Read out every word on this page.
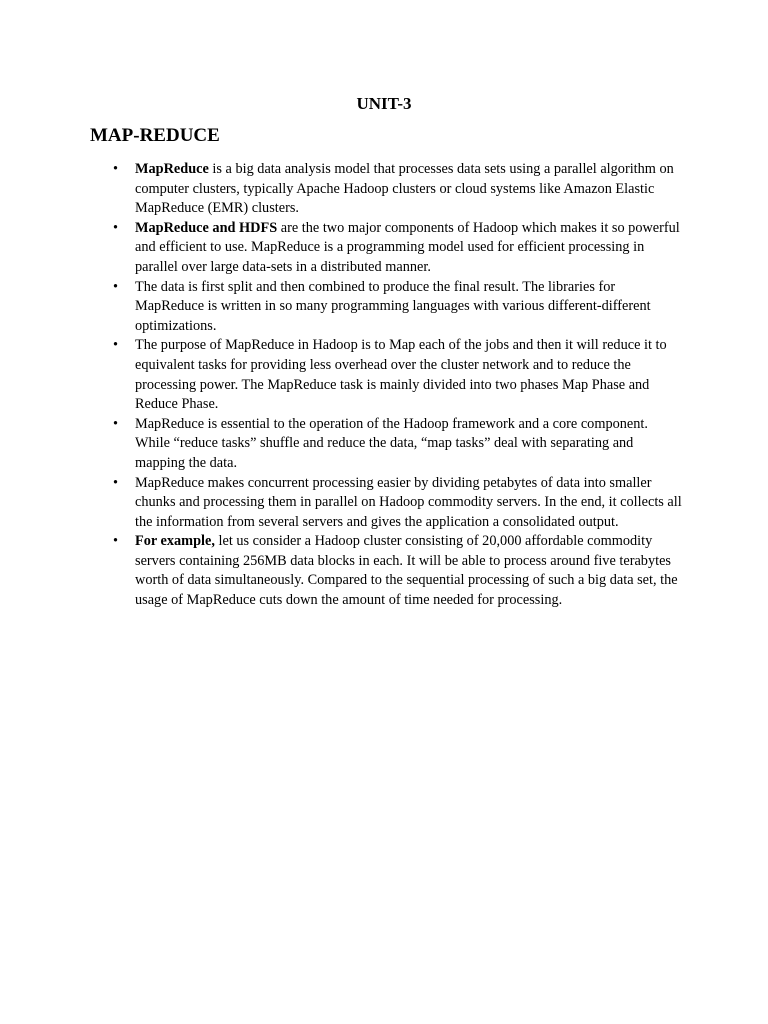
UNIT-3
MAP-REDUCE
• MapReduce is a big data analysis model that processes data sets using a parallel algorithm on computer clusters, typically Apache Hadoop clusters or cloud systems like Amazon Elastic MapReduce (EMR) clusters.
• MapReduce and HDFS are the two major components of Hadoop which makes it so powerful and efficient to use. MapReduce is a programming model used for efficient processing in parallel over large data-sets in a distributed manner.
• The data is first split and then combined to produce the final result. The libraries for MapReduce is written in so many programming languages with various different-different optimizations.
• The purpose of MapReduce in Hadoop is to Map each of the jobs and then it will reduce it to equivalent tasks for providing less overhead over the cluster network and to reduce the processing power. The MapReduce task is mainly divided into two phases Map Phase and Reduce Phase.
• MapReduce is essential to the operation of the Hadoop framework and a core component. While “reduce tasks” shuffle and reduce the data, “map tasks” deal with separating and mapping the data.
• MapReduce makes concurrent processing easier by dividing petabytes of data into smaller chunks and processing them in parallel on Hadoop commodity servers. In the end, it collects all the information from several servers and gives the application a consolidated output.
• For example, let us consider a Hadoop cluster consisting of 20,000 affordable commodity servers containing 256MB data blocks in each. It will be able to process around five terabytes worth of data simultaneously. Compared to the sequential processing of such a big data set, the usage of MapReduce cuts down the amount of time needed for processing.
